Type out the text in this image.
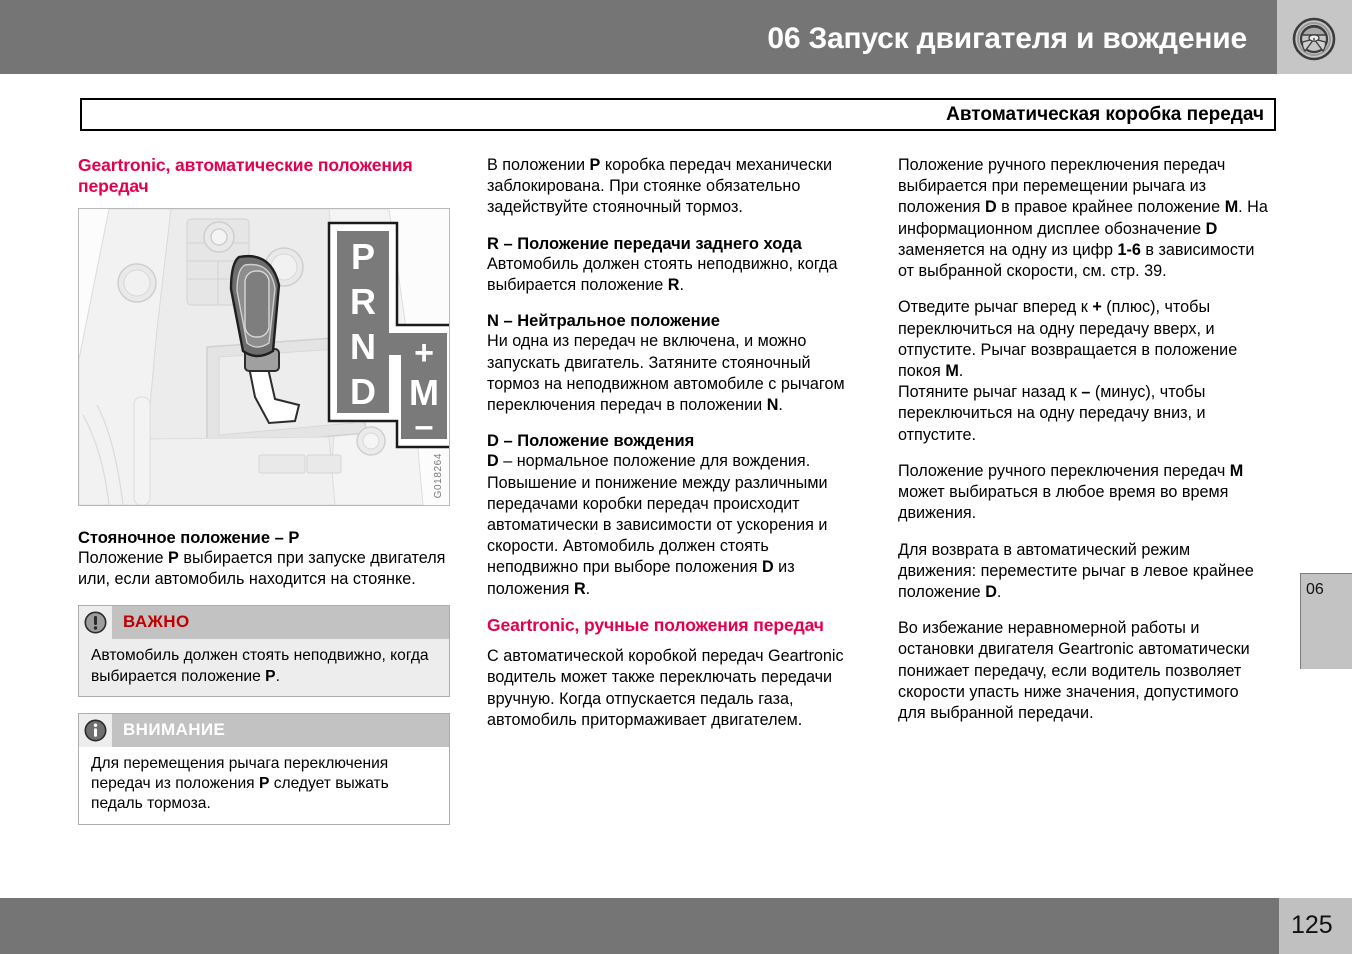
06 Запуск двигателя и вождение	♦
Автоматическая коробка передач
Geartronic, автоматические положения передач
P
R
N
D
+
M
–
G018264
Стояночное положение – P

Положение P выбирается при запуске двигателя или, если автомобиль находится на стоянке.

ВАЖНО
Автомобиль должен стоять неподвижно, когда выбирается положение P.
ВНИМАНИЕ
Для перемещения рычага переключения передач из положения P следует выжать педаль тормоза.

В положении P коробка передач механически заблокирована. При стоянке обязательно задействуйте стояночный тормоз.

R – Положение передачи заднего хода

Автомобиль должен стоять неподвижно, когда выбирается положение R.

N – Нейтральное положение

Ни одна из передач не включена, и можно запускать двигатель. Затяните стояночный тормоз на неподвижном автомобиле с рычагом переключения передач в положении N.

D – Положение вождения

D – нормальное положение для вождения. Повышение и понижение между различными передачами коробки передач происходит автоматически в зависимости от ускорения и скорости. Автомобиль должен стоять неподвижно при выборе положения D из положения R.

Geartronic, ручные положения передач

С автоматической коробкой передач Geartronic водитель может также переключать передачи вручную. Когда отпускается педаль газа, автомобиль притормаживает двигателем.

Положение ручного переключения передач выбирается при перемещении рычага из положения D в правое крайнее положение M. На информационном дисплее обозначение D заменяется на одну из цифр 1-6 в зависимости от выбранной скорости, см. стр. 39.

Отведите рычаг вперед к + (плюс), чтобы переключиться на одну передачу вверх, и отпустите. Рычаг возвращается в положение покоя M.

Потяните рычаг назад к – (минус), чтобы переключиться на одну передачу вниз, и отпустите.

Положение ручного переключения передач M может выбираться в любое время во время движения.

Для возврата в автоматический режим движения: переместите рычаг в левое крайнее положение D.

Во избежание неравномерной работы и остановки двигателя Geartronic автоматически понижает передачу, если водитель позволяет скорости упасть ниже значения, допустимого для выбранной передачи.

06
125
